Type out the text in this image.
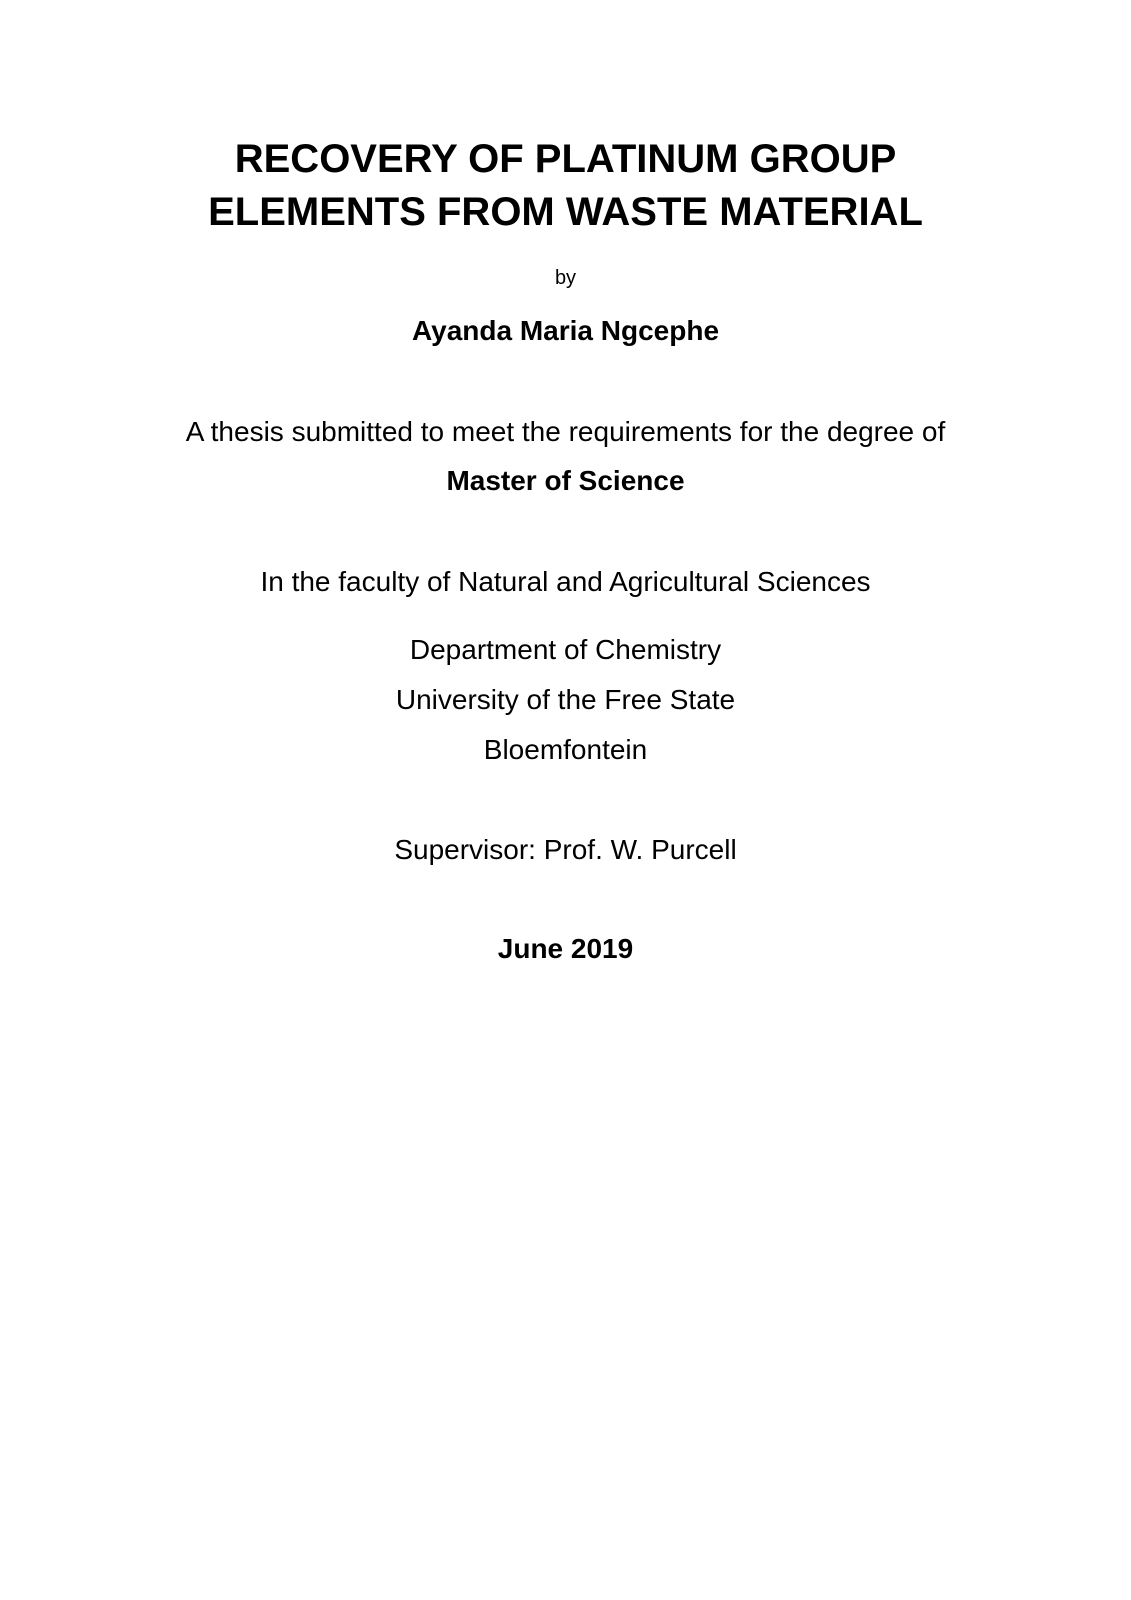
RECOVERY OF PLATINUM GROUP
ELEMENTS FROM WASTE MATERIAL

by

Ayanda Maria Ngcephe

A thesis submitted to meet the requirements for the degree of

Master of Science

In the faculty of Natural and Agricultural Sciences

Department of Chemistry

University of the Free State

Bloemfontein

Supervisor: Prof. W. Purcell

June 2019
